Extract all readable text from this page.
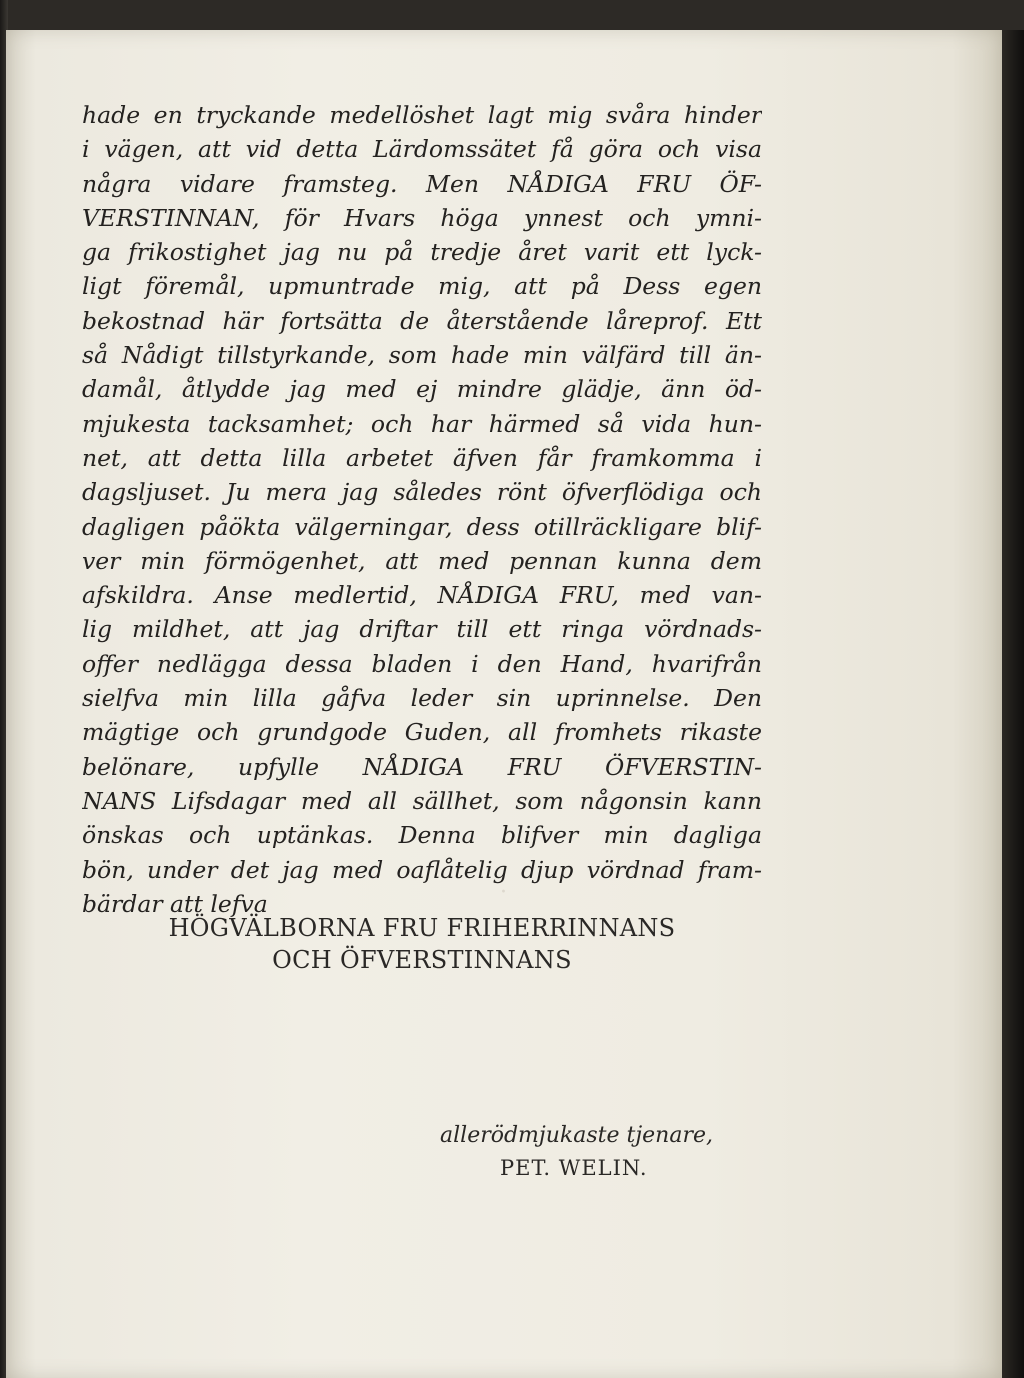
hade en tryckande medellöshet lagt mig svåra hinder
i vägen, att vid detta Lärdomssätet få göra och visa
några vidare framsteg. Men NÅDIGA FRU ÖF-
VERSTINNAN, för Hvars höga ynnest och ymni-
ga frikostighet jag nu på tredje året varit ett lyck-
ligt föremål, upmuntrade mig, att på Dess egen
bekostnad här fortsätta de återstående låreprof. Ett
så Nådigt tillstyrkande, som hade min välfärd till än-
damål, åtlydde jag med ej mindre glädje, änn öd-
mjukesta tacksamhet; och har härmed så vida hun-
net, att detta lilla arbetet äfven får framkomma i
dagsljuset. Ju mera jag således rönt öfverflödiga och
dagligen påökta välgerningar, dess otillräckligare blif-
ver min förmögenhet, att med pennan kunna dem
afskildra. Anse medlertid, NÅDIGA FRU, med van-
lig mildhet, att jag driftar till ett ringa vördnads-
offer nedlägga dessa bladen i den Hand, hvarifrån
sielfva min lilla gåfva leder sin uprinnelse. Den
mägtige och grundgode Guden, all fromhets rikaste
belönare, upfylle NÅDIGA FRU ÖFVERSTIN-
NANS Lifsdagar med all sällhet, som någonsin kann
önskas och uptänkas. Denna blifver min dagliga
bön, under det jag med oaflåtelig djup vördnad fram-
bärdar att lefva
HÖGVÄLBORNA FRU FRIHERRINNANS
OCH ÖFVERSTINNANS
allerödmjukaste tjenare,
PET. WELIN.
